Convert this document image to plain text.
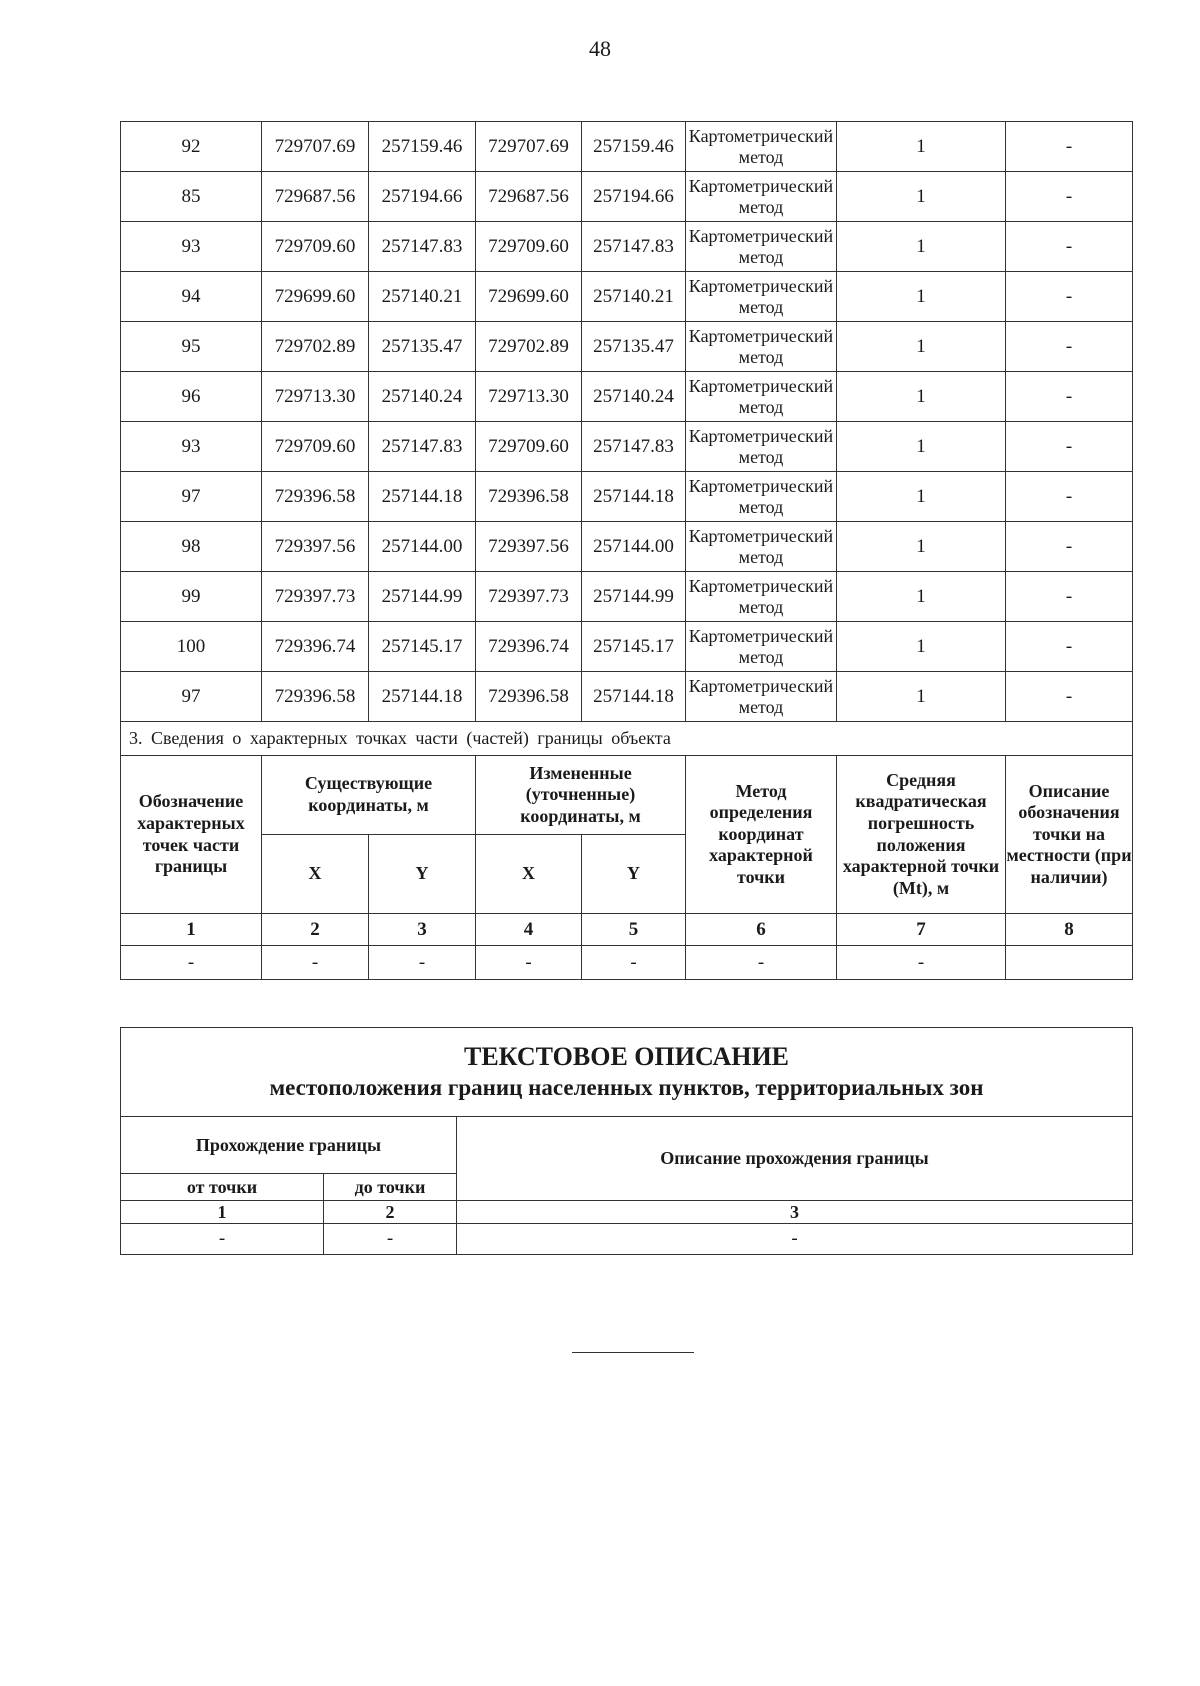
48
92	729707.69	257159.46	729707.69	257159.46	Картометрический метод	1	-
85	729687.56	257194.66	729687.56	257194.66	Картометрический метод	1	-
93	729709.60	257147.83	729709.60	257147.83	Картометрический метод	1	-
94	729699.60	257140.21	729699.60	257140.21	Картометрический метод	1	-
95	729702.89	257135.47	729702.89	257135.47	Картометрический метод	1	-
96	729713.30	257140.24	729713.30	257140.24	Картометрический метод	1	-
93	729709.60	257147.83	729709.60	257147.83	Картометрический метод	1	-
97	729396.58	257144.18	729396.58	257144.18	Картометрический метод	1	-
98	729397.56	257144.00	729397.56	257144.00	Картометрический метод	1	-
99	729397.73	257144.99	729397.73	257144.99	Картометрический метод	1	-
100	729396.74	257145.17	729396.74	257145.17	Картометрический метод	1	-
97	729396.58	257144.18	729396.58	257144.18	Картометрический метод	1	-
3. Сведения о характерных точках части (частей) границы объекта							
Обозначение характерных точек части границы	Существующие координаты, м		Измененные (уточненные) координаты, м		Метод определения координат характерной точки	Средняя квадратическая погрешность положения характерной точки (Mt), м	Описание обозначения точки на местности (при наличии)
	X	Y	X	Y			
1	2	3	4	5	6	7	8
-	-	-	-	-	-	-	
ТЕКСТОВОЕ ОПИСАНИЕ
местоположения границ населенных пунктов, территориальных зон		

Прохождение границы		Описание прохождения границы
от точки	до точки	
1	2	3
-	-	-
